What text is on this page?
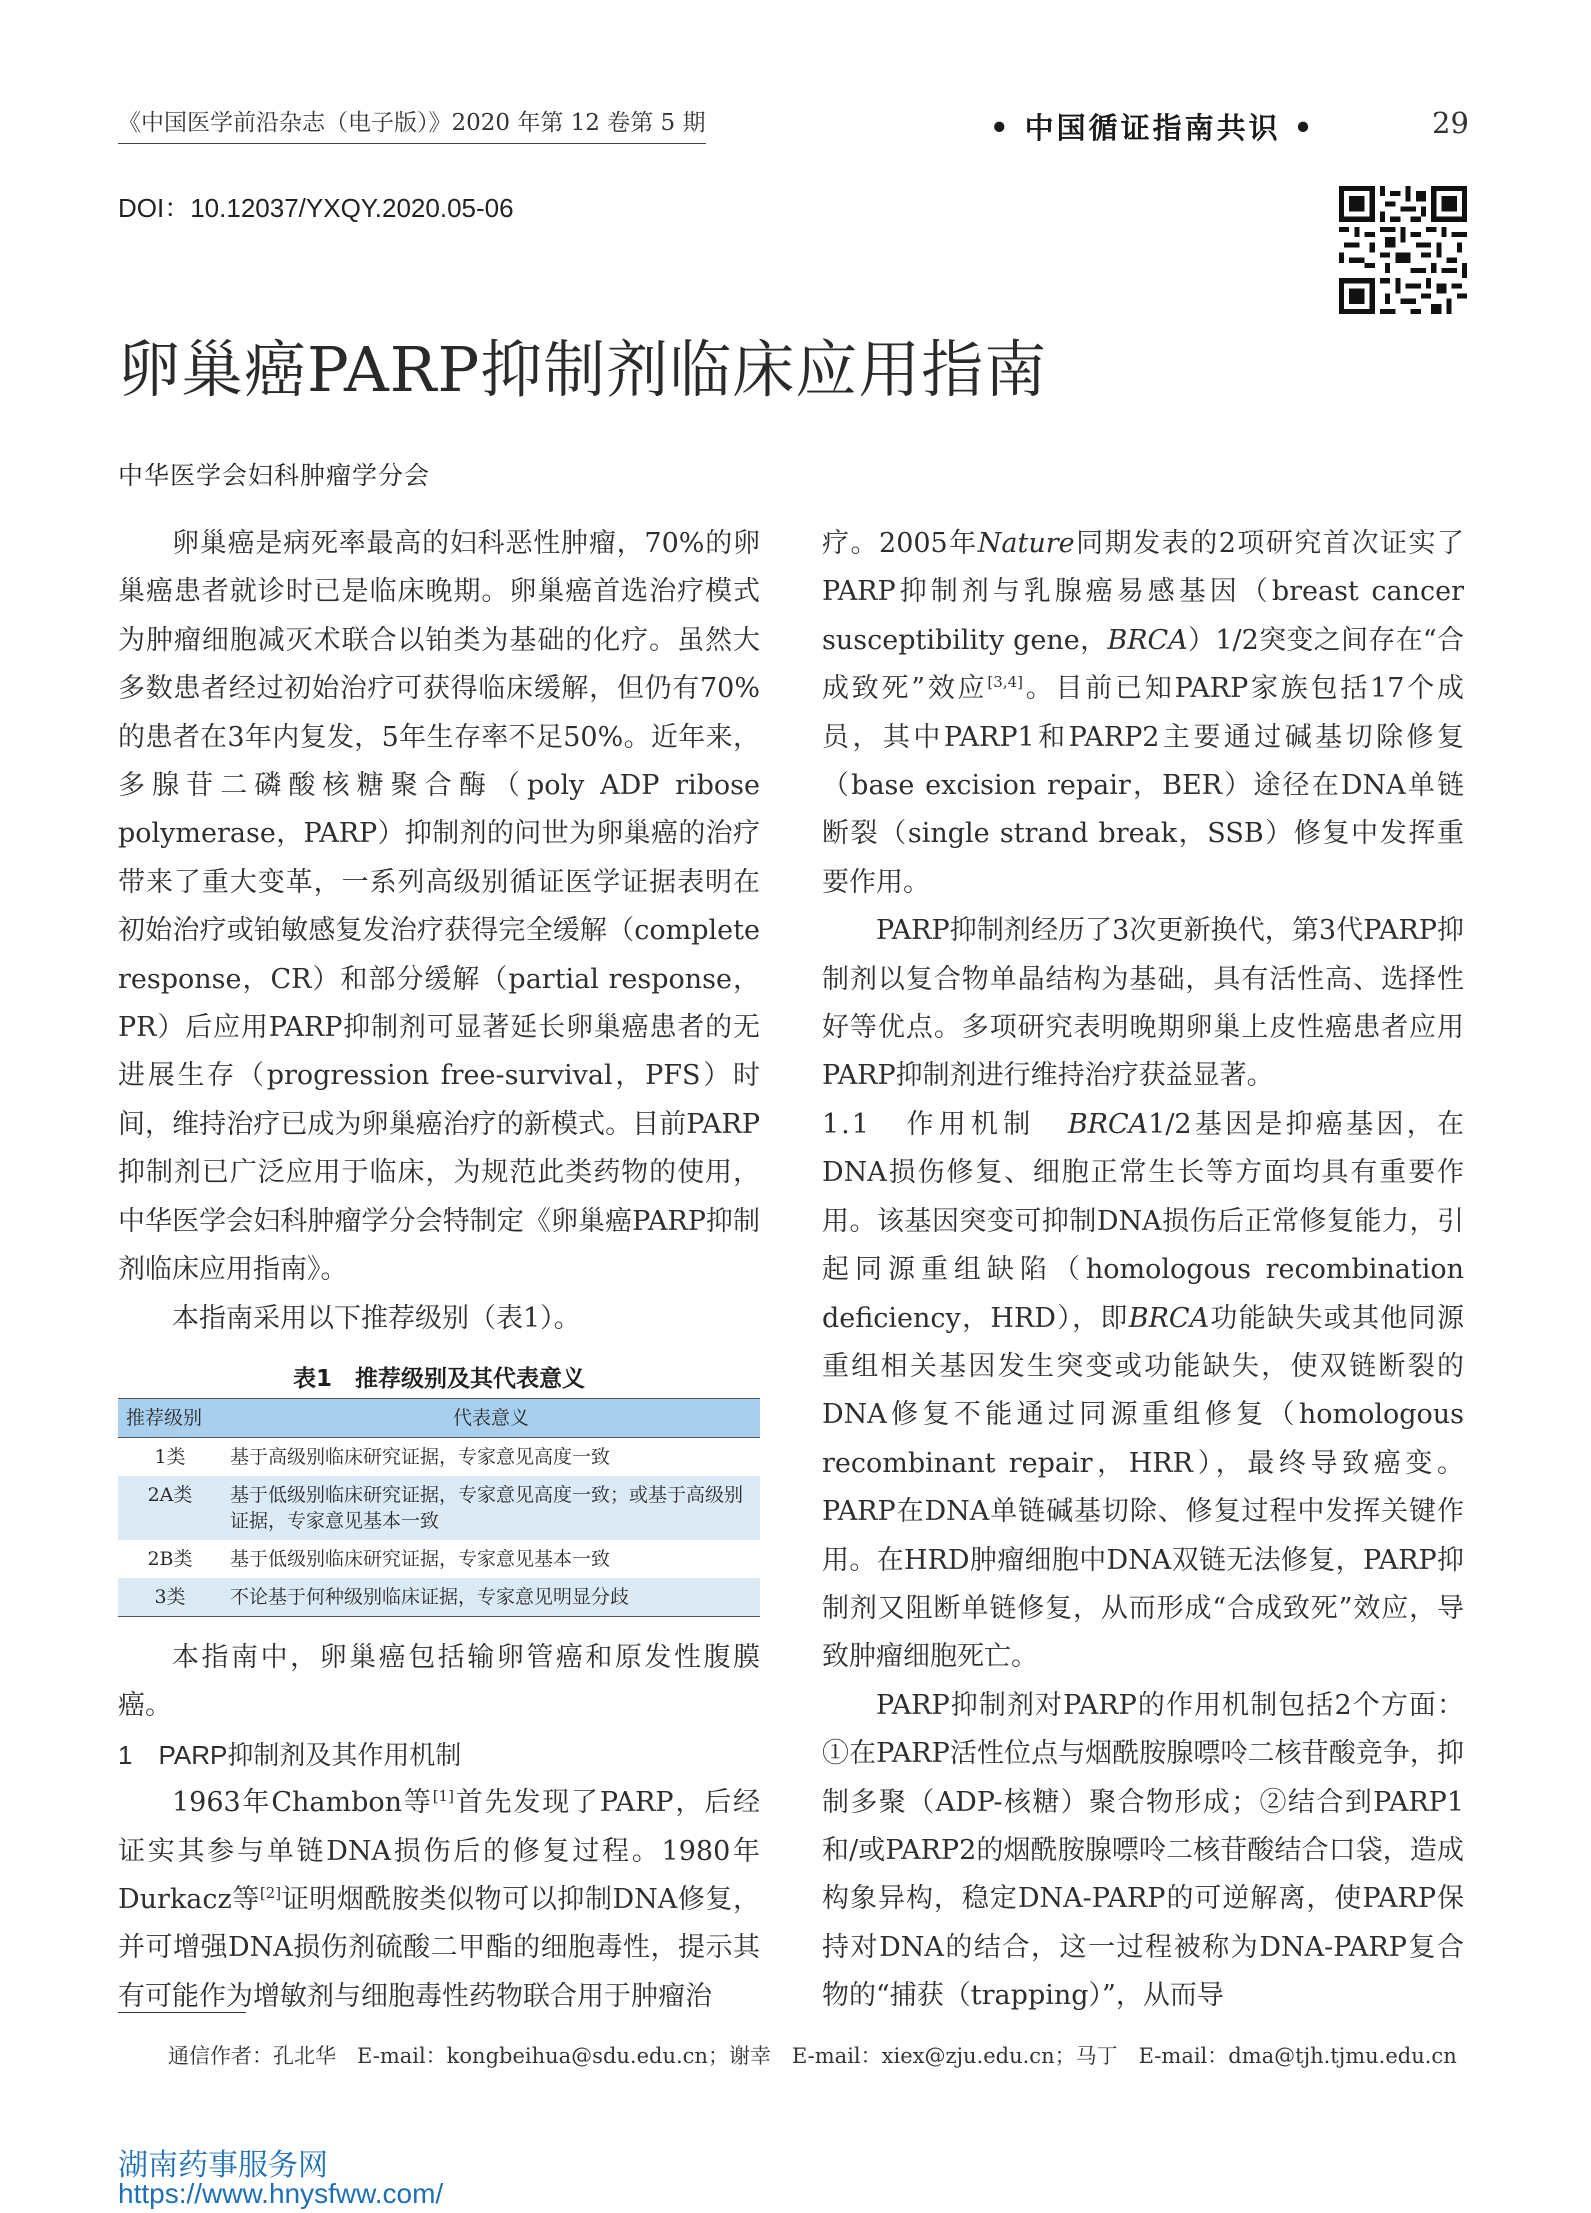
《中国医学前沿杂志（电子版）》2020 年第 12 卷第 5 期	• 中国循证指南共识 •	29
DOI：10.12037/YXQY.2020.05-06
卵巢癌PARP抑制剂临床应用指南
中华医学会妇科肿瘤学分会

卵巢癌是病死率最高的妇科恶性肿瘤，70%的卵巢癌患者就诊时已是临床晚期。卵巢癌首选治疗模式为肿瘤细胞减灭术联合以铂类为基础的化疗。虽然大多数患者经过初始治疗可获得临床缓解，但仍有70%的患者在3年内复发，5年生存率不足50%。近年来，多腺苷二磷酸核糖聚合酶（poly ADP ribose polymerase，PARP）抑制剂的问世为卵巢癌的治疗带来了重大变革，一系列高级别循证医学证据表明在初始治疗或铂敏感复发治疗获得完全缓解（complete response，CR）和部分缓解（partial response，PR）后应用PARP抑制剂可显著延长卵巢癌患者的无进展生存（progression free-survival，PFS）时间，维持治疗已成为卵巢癌治疗的新模式。目前PARP抑制剂已广泛应用于临床，为规范此类药物的使用，中华医学会妇科肿瘤学分会特制定《卵巢癌PARP抑制剂临床应用指南》。

本指南采用以下推荐级别（表1）。

表1　推荐级别及其代表意义
推荐级别	代表意义
1类	基于高级别临床研究证据，专家意见高度一致
2A类	基于低级别临床研究证据，专家意见高度一致；或基于高级别证据，专家意见基本一致
2B类	基于低级别临床研究证据，专家意见基本一致
3类	不论基于何种级别临床证据，专家意见明显分歧

本指南中，卵巢癌包括输卵管癌和原发性腹膜癌。

1　PARP抑制剂及其作用机制

1963年Chambon等[1]首先发现了PARP，后经证实其参与单链DNA损伤后的修复过程。1980年Durkacz等[2]证明烟酰胺类似物可以抑制DNA修复，并可增强DNA损伤剂硫酸二甲酯的细胞毒性，提示其有可能作为增敏剂与细胞毒性药物联合用于肿瘤治

疗。2005年Nature同期发表的2项研究首次证实了PARP抑制剂与乳腺癌易感基因（breast cancer susceptibility gene，BRCA）1/2突变之间存在“合成致死”效应[3,4]。目前已知PARP家族包括17个成员，其中PARP1和PARP2主要通过碱基切除修复（base excision repair，BER）途径在DNA单链断裂（single strand break，SSB）修复中发挥重要作用。

PARP抑制剂经历了3次更新换代，第3代PARP抑制剂以复合物单晶结构为基础，具有活性高、选择性好等优点。多项研究表明晚期卵巢上皮性癌患者应用PARP抑制剂进行维持治疗获益显著。

1.1　作用机制　BRCA1/2基因是抑癌基因，在DNA损伤修复、细胞正常生长等方面均具有重要作用。该基因突变可抑制DNA损伤后正常修复能力，引起同源重组缺陷（homologous recombination deficiency，HRD），即BRCA功能缺失或其他同源重组相关基因发生突变或功能缺失，使双链断裂的DNA修复不能通过同源重组修复（homologous recombinant repair，HRR），最终导致癌变。PARP在DNA单链碱基切除、修复过程中发挥关键作用。在HRD肿瘤细胞中DNA双链无法修复，PARP抑制剂又阻断单链修复，从而形成“合成致死”效应，导致肿瘤细胞死亡。

PARP抑制剂对PARP的作用机制包括2个方面：①在PARP活性位点与烟酰胺腺嘌呤二核苷酸竞争，抑制多聚（ADP-核糖）聚合物形成；②结合到PARP1和/或PARP2的烟酰胺腺嘌呤二核苷酸结合口袋，造成构象异构，稳定DNA-PARP的可逆解离，使PARP保持对DNA的结合，这一过程被称为DNA-PARP复合物的“捕获（trapping）”，从而导

通信作者：孔北华　E-mail：kongbeihua@sdu.edu.cn；谢幸　E-mail：xiex@zju.edu.cn；马丁　E-mail：dma@tjh.tjmu.edu.cn
湖南药事服务网
https://www.hnysfww.com/
